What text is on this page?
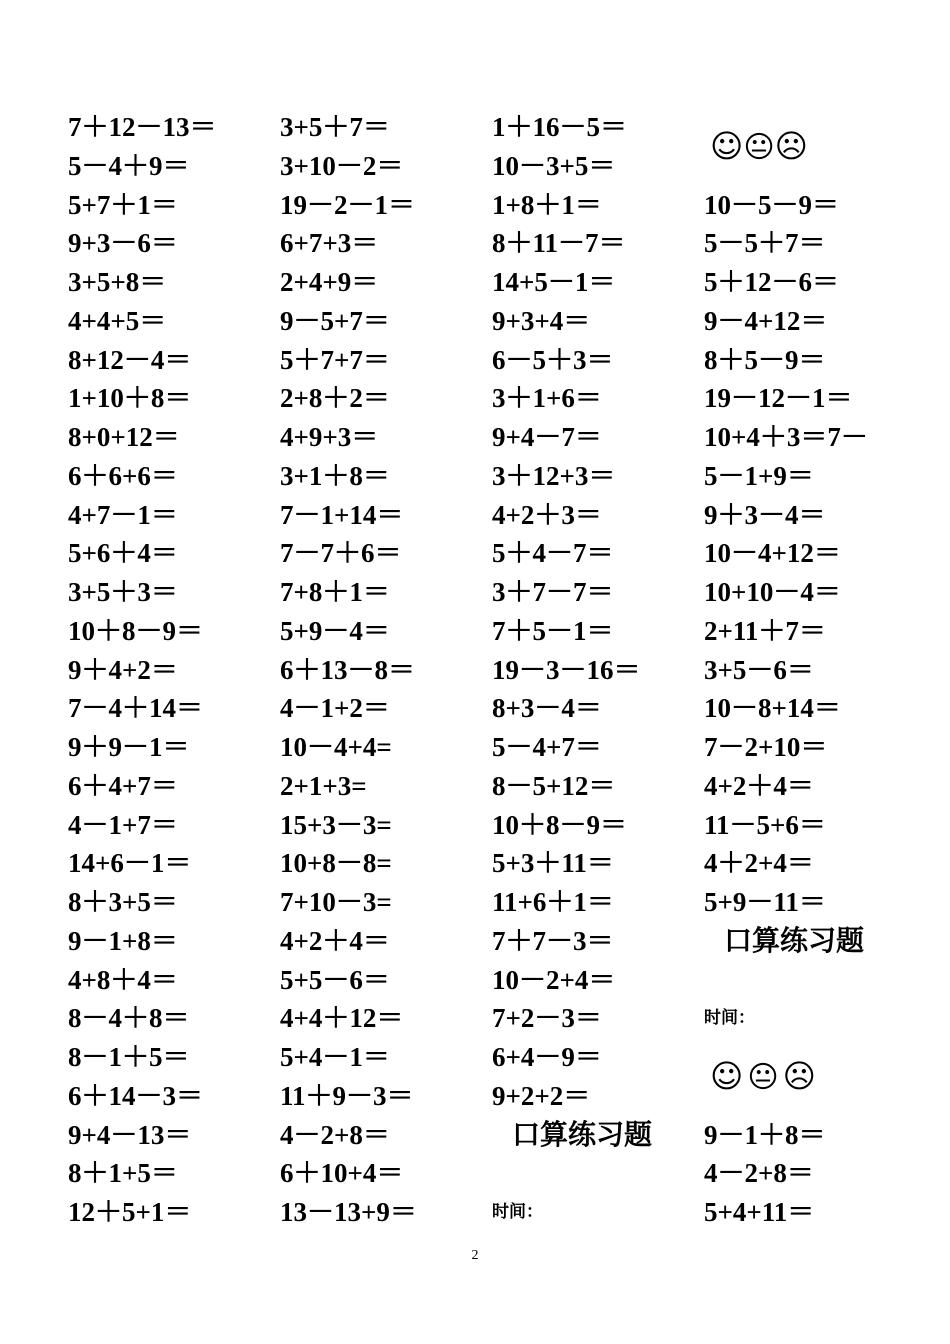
7＋12－13＝
5－4＋9＝
5+7＋1＝
9+3－6＝
3+5+8＝
4+4+5＝
8+12－4＝
1+10＋8＝
8+0+12＝
6＋6+6＝
4+7－1＝
5+6＋4＝
3+5＋3＝
10＋8－9＝
9＋4+2＝
7－4＋14＝
9＋9－1＝
6＋4+7＝
4－1+7＝
14+6－1＝
8＋3+5＝
9－1+8＝
4+8＋4＝
8－4＋8＝
8－1＋5＝
6＋14－3＝
9+4－13＝
8＋1+5＝
12＋5+1＝
3+5＋7＝
3+10－2＝
19－2－1＝
6+7+3＝
2+4+9＝
9－5+7＝
5＋7+7＝
2+8＋2＝
4+9+3＝
3+1＋8＝
7－1+14＝
7－7＋6＝
7+8＋1＝
5+9－4＝
6＋13－8＝
4－1+2＝
10－4+4=
2+1+3=
15+3－3=
10+8－8=
7+10－3=
4+2＋4＝
5+5－6＝
4+4＋12＝
5+4－1＝
11＋9－3＝
4－2+8＝
6＋10+4＝
13－13+9＝
1＋16－5＝
10－3+5＝
1+8＋1＝
8＋11－7＝
14+5－1＝
9+3+4＝
6－5＋3＝
3＋1+6＝
9+4－7＝
3＋12+3＝
4+2＋3＝
5＋4－7＝
3＋7－7＝
7＋5－1＝
19－3－16＝
8+3－4＝
5－4+7＝
8－5+12＝
10＋8－9＝
5+3＋11＝
11+6＋1＝
7＋7－3＝
10－2+4＝
7+2－3＝
6+4－9＝
9+2+2＝
口算练习题
时间：
☺😐☹
10－5－9＝
5－5＋7＝
5＋12－6＝
9－4+12＝
8＋5－9＝
19－12－1＝
10+4＋3＝7－
5－1+9＝
9＋3－4＝
10－4+12＝
10+10－4＝
2+11＋7＝
3+5－6＝
10－8+14＝
7－2+10＝
4+2＋4＝
11－5+6＝
4＋2+4＝
5+9－11＝
口算练习题
时间：
☺ 😐 ☹
9－1＋8＝
4－2+8＝
5+4+11＝
2
